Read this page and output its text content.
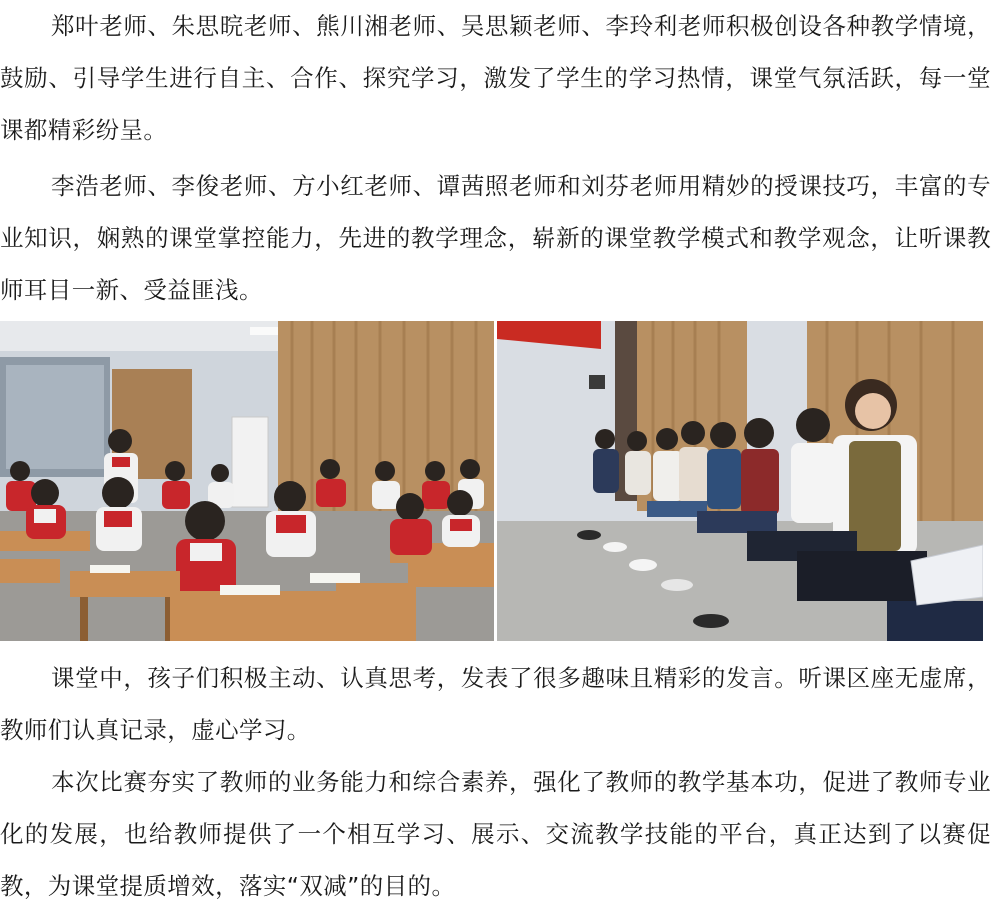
郑叶老师、朱思晥老师、熊川湘老师、吴思颖老师、李玲利老师积极创设各种教学情境，鼓励、引导学生进行自主、合作、探究学习，激发了学生的学习热情，课堂气氛活跃，每一堂课都精彩纷呈。

李浩老师、李俊老师、方小红老师、谭茜照老师和刘芬老师用精妙的授课技巧，丰富的专业知识，娴熟的课堂掌控能力，先进的教学理念，崭新的课堂教学模式和教学观念，让听课教师耳目一新、受益匪浅。

课堂中，孩子们积极主动、认真思考，发表了很多趣味且精彩的发言。听课区座无虚席，教师们认真记录，虚心学习。

本次比赛夯实了教师的业务能力和综合素养，强化了教师的教学基本功，促进了教师专业化的发展，也给教师提供了一个相互学习、展示、交流教学技能的平台，真正达到了以赛促教，为课堂提质增效，落实“双减”的目的。
